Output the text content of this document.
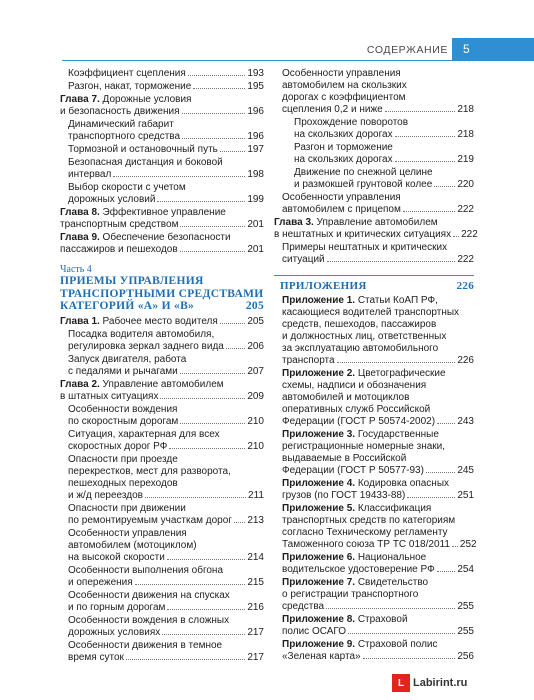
СОДЕРЖАНИЕ 5
Коэффициент сцепления	193
Разгон, накат, торможение	195
Глава 7. Дорожные условия
и безопасность движения	196
Динамический габарит
транспортного средства	196
Тормозной и остановочный путь	197
Безопасная дистанция и боковой
интервал	198
Выбор скорости с учетом
дорожных условий	199
Глава 8. Эффективное управление
транспортным средством	201
Глава 9. Обеспечение безопасности
пассажиров и пешеходов	201
Часть 4
ПРИЕМЫ УПРАВЛЕНИЯ
ТРАНСПОРТНЫМИ СРЕДСТВАМИ
КАТЕГОРИЙ «А» И «В»	205
Глава 1. Рабочее место водителя	205
Посадка водителя автомобиля,
регулировка зеркал заднего вида 206
Запуск двигателя, работа
с педалями и рычагами	207
Глава 2. Управление автомобилем
в штатных ситуациях	209
Особенности вождения
по скоростным дорогам	210
Ситуация, характерная для всех
скоростных дорог РФ	210
Опасности при проезде
перекрестков, мест для разворота,
пешеходных переходов
и ж/д переездов	211
Опасности при движении
по ремонтируемым участкам дорог 213
Особенности управления
автомобилем (мотоциклом)
на высокой скорости	214
Особенности выполнения обгона
и опережения	215
Особенности движения на спусках
и по горным дорогам	216
Особенности вождения в сложных
дорожных условиях	217
Особенности движения в темное
время суток	217
Особенности управления
автомобилем на скользких
дорогах с коэффициентом
сцепления 0,2 и ниже	218
Прохождение поворотов
на скользких дорогах	218
Разгон и торможение
на скользких дорогах	219
Движение по снежной целине
и размокшей грунтовой колее	220
Особенности управления
автомобилем с прицепом	222
Глава 3. Управление автомобилем
в нештатных и критических ситуациях 222
Примеры нештатных и критических
ситуаций	222
ПРИЛОЖЕНИЯ	226
Приложение 1. Статьи КоАП РФ,
касающиеся водителей транспортных
средств, пешеходов, пассажиров
и должностных лиц, ответственных
за эксплуатацию автомобильного
транспорта	226
Приложение 2. Цветографические
схемы, надписи и обозначения
автомобилей и мотоциклов
оперативных служб Российской
Федерации (ГОСТ Р 50574-2002) 243
Приложение 3. Государственные
регистрационные номерные знаки,
выдаваемые в Российской
Федерации (ГОСТ Р 50577-93)	245
Приложение 4. Кодировка опасных
грузов (по ГОСТ 19433-88)	251
Приложение 5. Классификация
транспортных средств по категориям
согласно Техническому регламенту
Таможенного союза ТР ТС 018/2011 252
Приложение 6. Национальное
водительское удостоверение РФ 254
Приложение 7. Свидетельство
о регистрации транспортного
средства	255
Приложение 8. Страховой
полис ОСАГО	255
Приложение 9. Страховой полис
«Зеленая карта»	256
L Labirint.ru
